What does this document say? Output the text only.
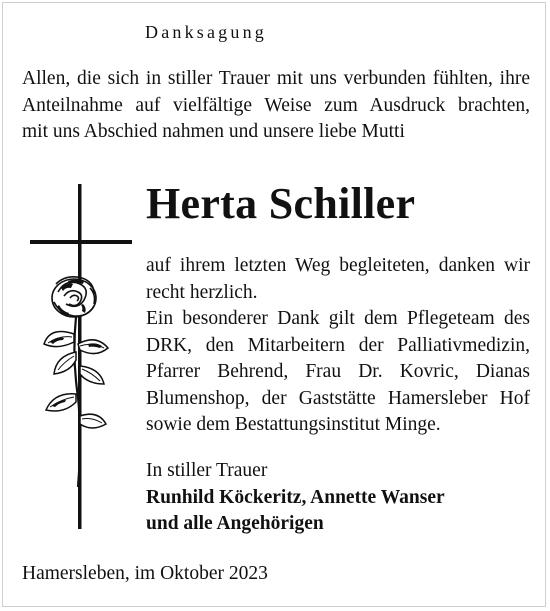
Danksagung
Allen, die sich in stiller Trauer mit uns verbunden fühlten, ihre
Anteilnahme auf vielfältige Weise zum Ausdruck brachten,
mit uns Abschied nahmen und unsere liebe Mutti
Herta Schiller
auf ihrem letzten Weg begleiteten, danken wir
recht herzlich.
Ein besonderer Dank gilt dem Pflegeteam des
DRK, den Mitarbeitern der Palliativmedizin,
Pfarrer Behrend, Frau Dr. Kovric, Dianas
Blumenshop, der Gaststätte Hamersleber Hof
sowie dem Bestattungsinstitut Minge.
In stiller Trauer
Runhild Köckeritz, Annette Wanser
und alle Angehörigen
Hamersleben, im Oktober 2023
